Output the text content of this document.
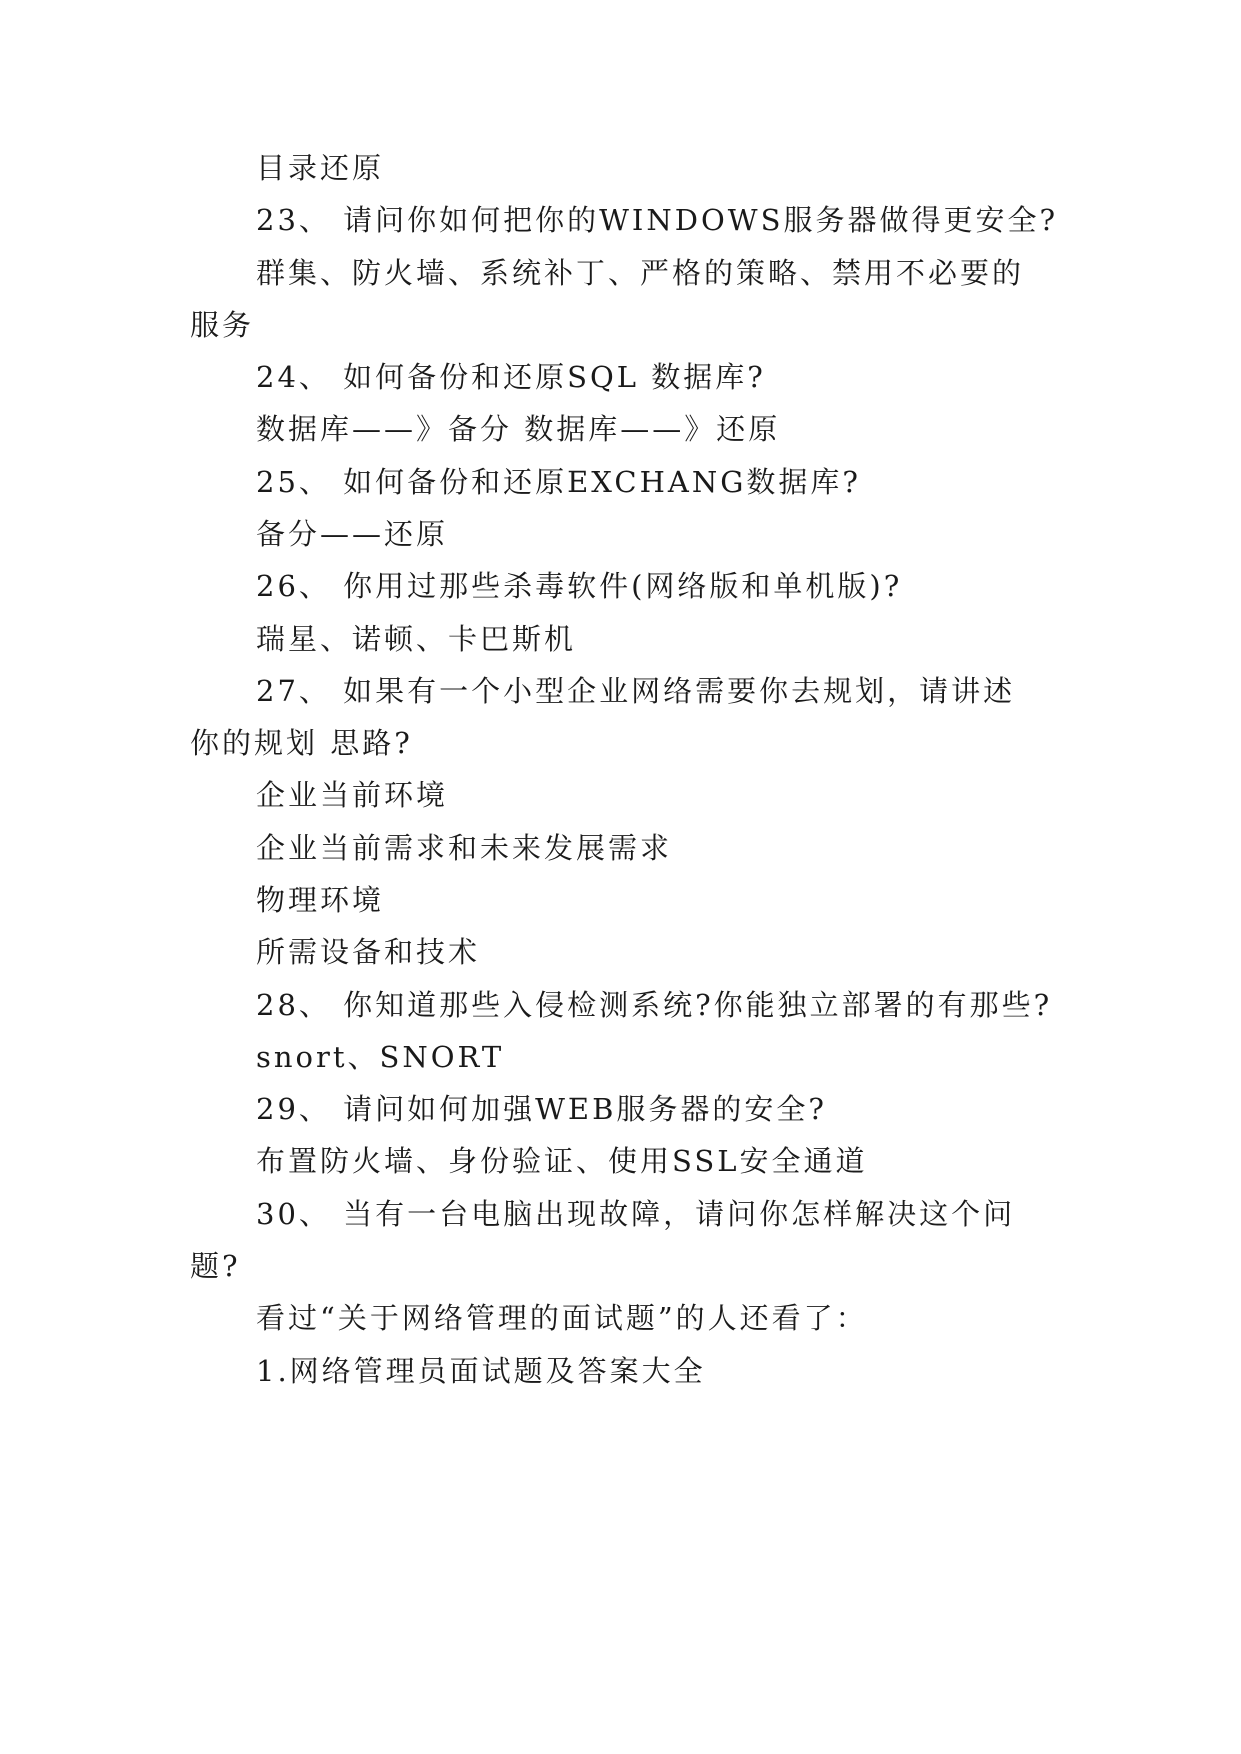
目录还原
23、 请问你如何把你的WINDOWS服务器做得更安全?
群集、防火墙、系统补丁、严格的策略、禁用不必要的
服务
24、 如何备份和还原SQL 数据库?
数据库——》备分 数据库——》还原
25、 如何备份和还原EXCHANG数据库?
备分——还原
26、 你用过那些杀毒软件(网络版和单机版)?
瑞星、诺顿、卡巴斯机
27、 如果有一个小型企业网络需要你去规划，请讲述
你的规划 思路?
企业当前环境
企业当前需求和未来发展需求
物理环境
所需设备和技术
28、 你知道那些入侵检测系统?你能独立部署的有那些?
snort、SNORT
29、 请问如何加强WEB服务器的安全?
布置防火墙、身份验证、使用SSL安全通道
30、 当有一台电脑出现故障，请问你怎样解决这个问
题?
看过“关于网络管理的面试题”的人还看了：
1.网络管理员面试题及答案大全
